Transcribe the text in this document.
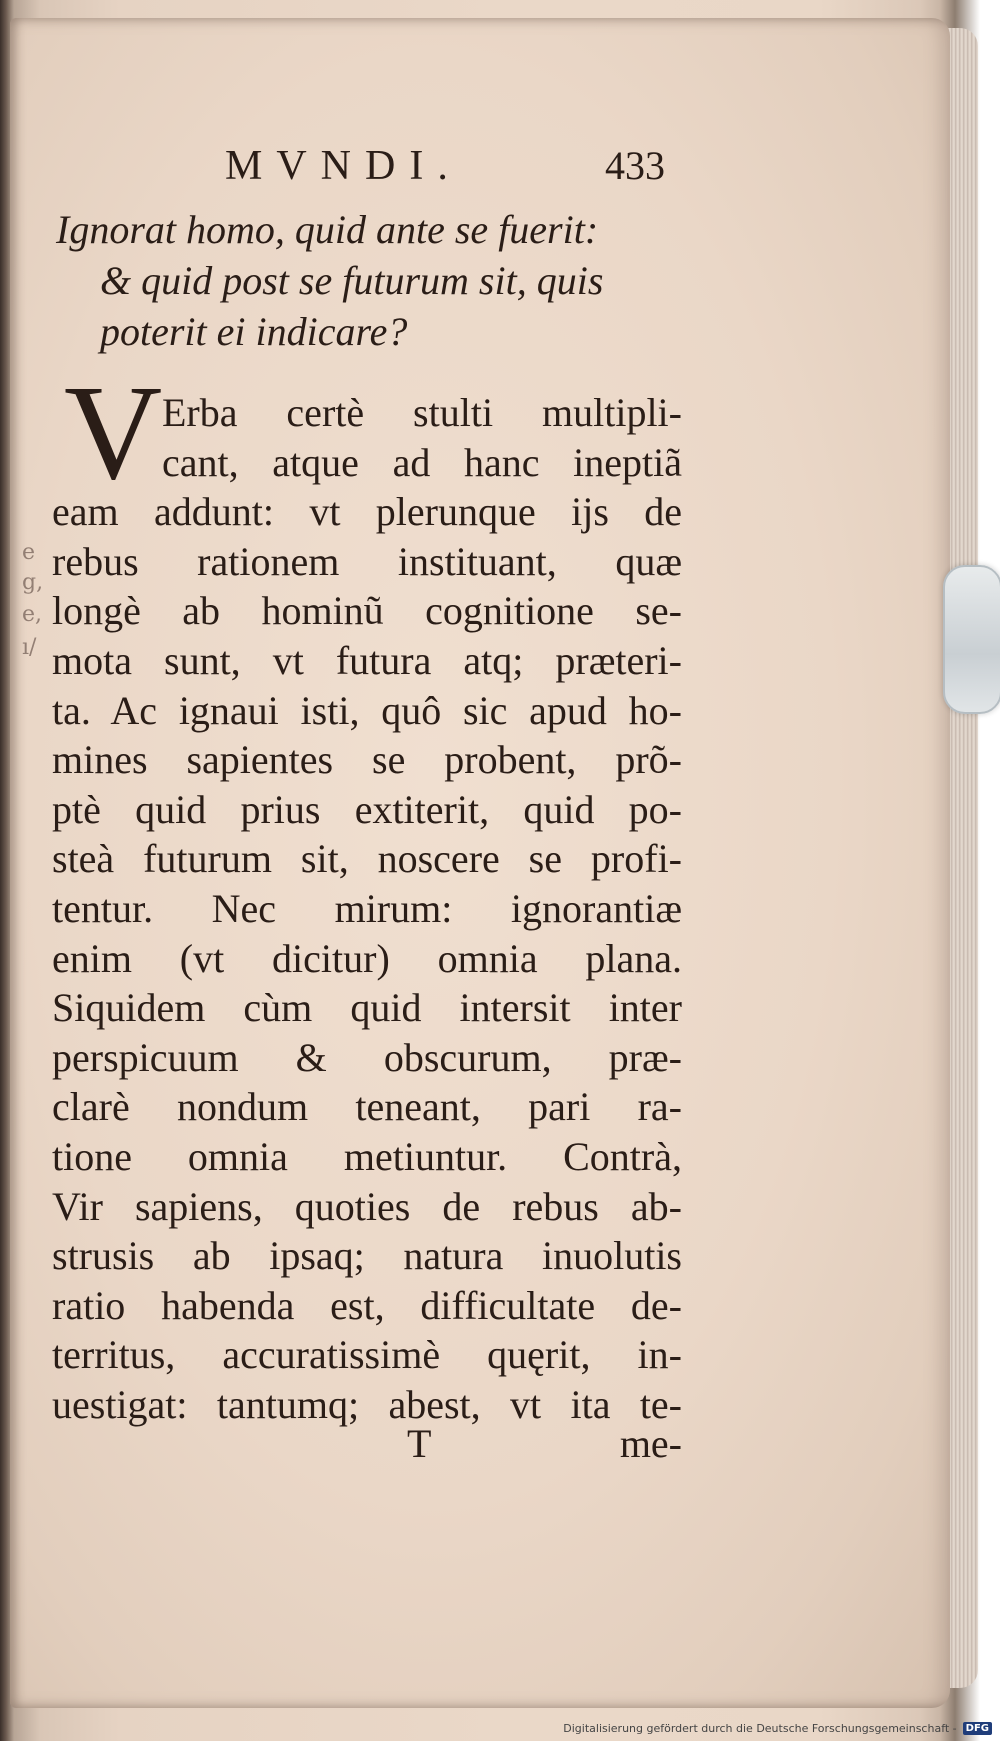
e
g,
e,
ı/
MVNDI.	433
Ignorat homo, quid ante se fuerit:
& quid post se futurum sit, quis
poterit ei indicare?
V Erba certè stulti multipli-
cant, atque ad hanc ineptiã
eam addunt: vt plerunque ijs de
rebus rationem instituant, quæ
longè ab hominũ cognitione se-
mota sunt, vt futura atq; præteri-
ta. Ac ignaui isti, quô sic apud ho-
mines sapientes se probent, prõ-
ptè quid prius extiterit, quid po-
steà futurum sit, noscere se profi-
tentur. Nec mirum: ignorantiæ
enim (vt dicitur) omnia plana.
Siquidem cùm quid intersit inter
perspicuum & obscurum, præ-
clarè nondum teneant, pari ra-
tione omnia metiuntur. Contrà,
Vir sapiens, quoties de rebus ab-
strusis ab ipsaq; natura inuolutis
ratio habenda est, difficultate de-
territus, accuratissimè quęrit, in-
uestigat: tantumq; abest, vt ita te-
T	me-
Digitalisierung gefördert durch die Deutsche Forschungsgemeinschaft - DFG
